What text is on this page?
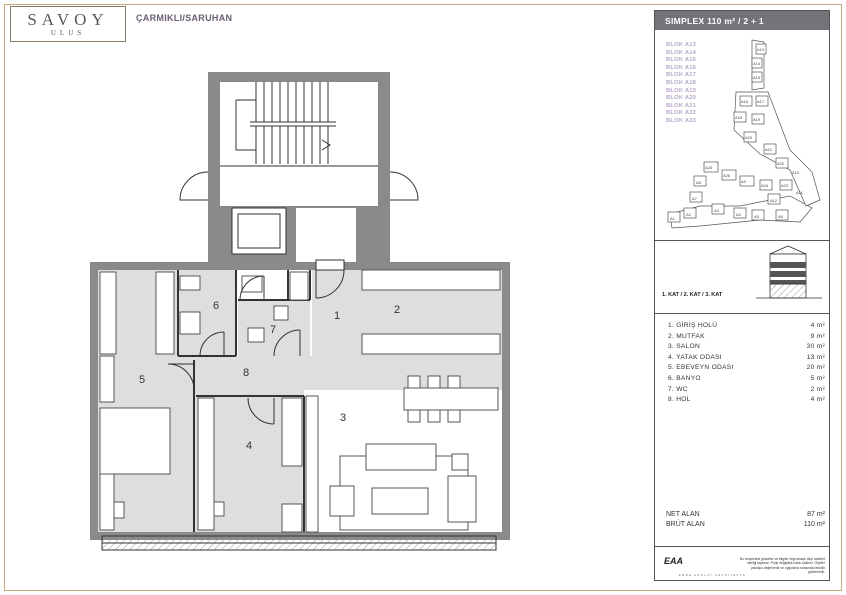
SAVOY
ULUS
ÇARMIKLI/SARUHAN
1	2
3
4
5
6
7
8
A1
A2
A3
A4	A5	A6
A7
A8
A12
A13
A14
A15
A16 A17
A18	A19
A20
A21
A22
A23
A24
A25
A26
A9
A10
A11
SIMPLEX 110 m² / 2 + 1
BLOK A13
BLOK A14
BLOK A15
BLOK A16
BLOK A17
BLOK A18
BLOK A19
BLOK A20
BLOK A21
BLOK A22
BLOK A23
1. KAT / 2. KAT / 3. KAT
1. GİRİŞ HOLÜ	4 m²
2. MUTFAK	9 m²
3. SALON	30 m²
4. YATAK ODASI	13 m²
5. EBEVEYN ODASI	20 m²
6. BANYO	5 m²
7. WC	2 m²
8. HOL	4 m²
NET ALAN	87 m²
BRÜT ALAN	110 m²
EAA
EMRE AROLAT ARCHITECTS
Bu broşürdeki görseller ve bilgiler bilgi amaçlı olup taahhüt niteliği taşımaz. Proje değişiklik hakkı saklıdır. Ölçüler yaklaşık değerlerdir ve uygulama sırasında farklılık gösterebilir.
